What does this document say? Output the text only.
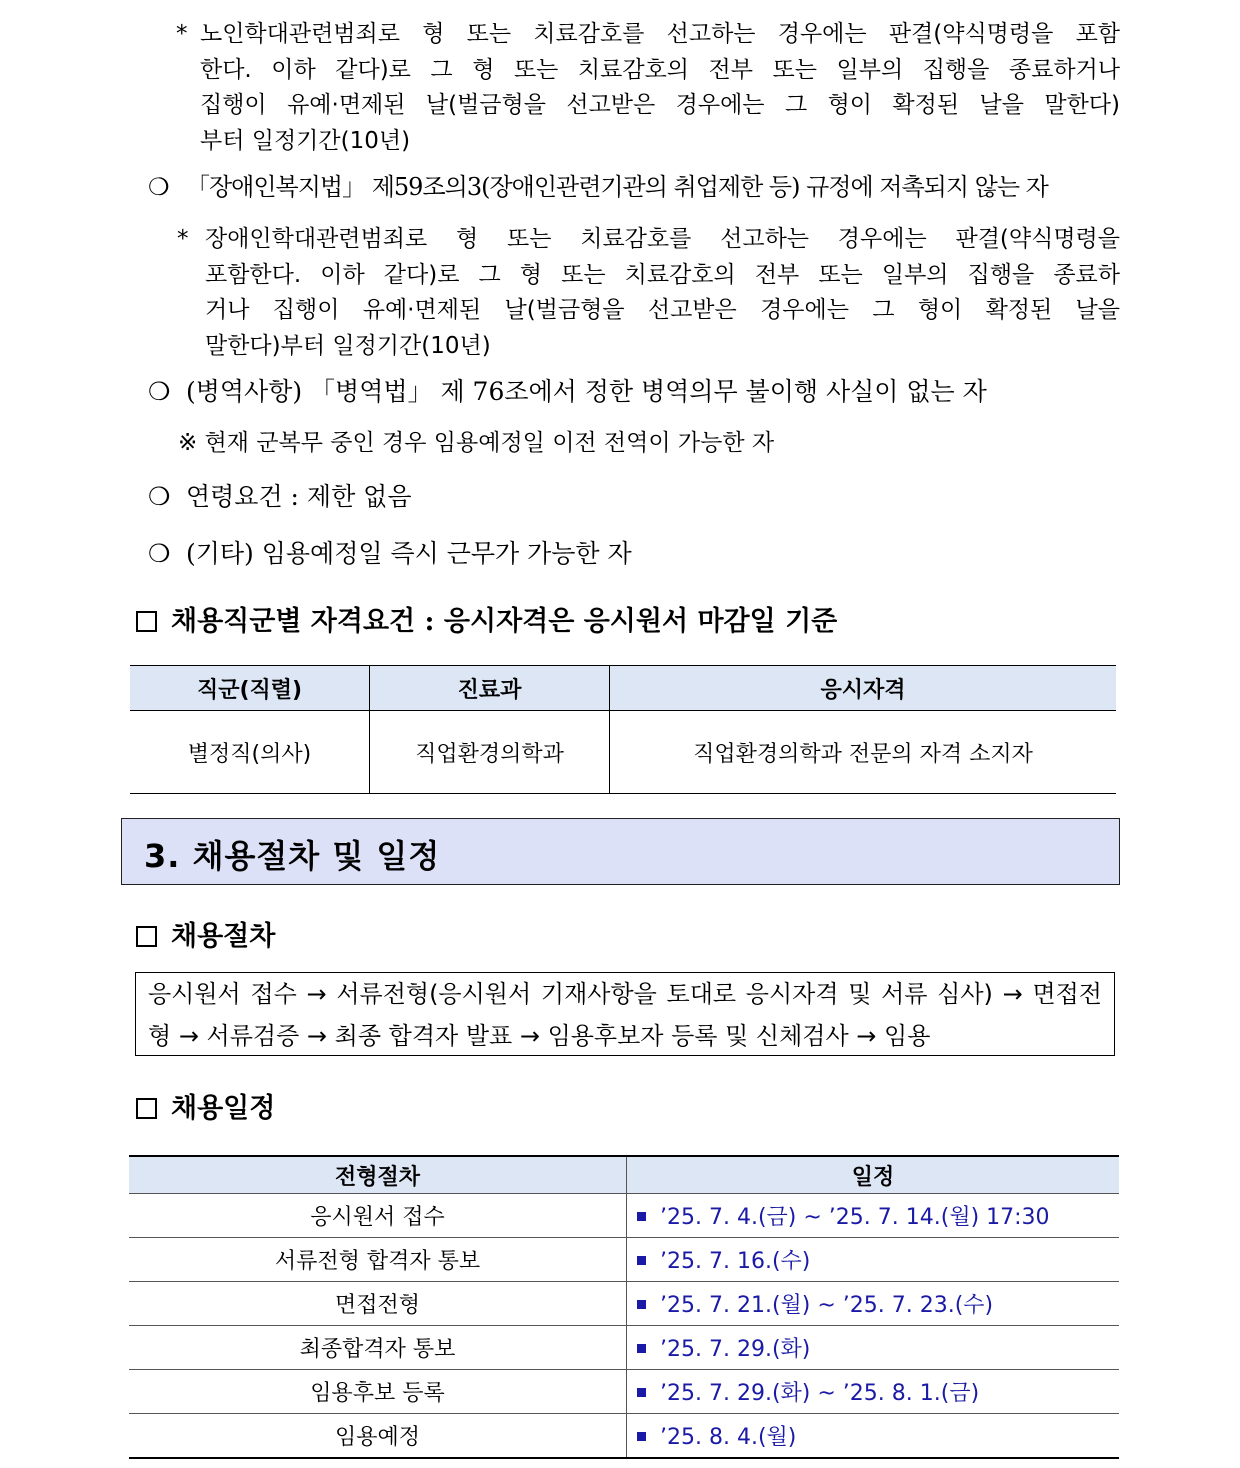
* 노인학대관련범죄로 형 또는 치료감호를 선고하는 경우에는 판결(약식명령을 포함

한다. 이하 같다)로 그 형 또는 치료감호의 전부 또는 일부의 집행을 종료하거나

집행이 유예·면제된 날(벌금형을 선고받은 경우에는 그 형이 확정된 날을 말한다)

부터 일정기간(10년)

❍ 「장애인복지법」 제59조의3(장애인관련기관의 취업제한 등) 규정에 저촉되지 않는 자
* 장애인학대관련범죄로 형 또는 치료감호를 선고하는 경우에는 판결(약식명령을

포함한다. 이하 같다)로 그 형 또는 치료감호의 전부 또는 일부의 집행을 종료하

거나 집행이 유예·면제된 날(벌금형을 선고받은 경우에는 그 형이 확정된 날을

말한다)부터 일정기간(10년)

❍ (병역사항) 「병역법」 제 76조에서 정한 병역의무 불이행 사실이 없는 자
※ 현재 군복무 중인 경우 임용예정일 이전 전역이 가능한 자
❍ 연령요건 : 제한 없음
❍ (기타) 임용예정일 즉시 근무가 가능한 자
채용직군별 자격요건 : 응시자격은 응시원서 마감일 기준
직군(직렬)	진료과	응시자격
별정직(의사)	직업환경의학과	직업환경의학과 전문의 자격 소지자
3. 채용절차 및 일정
채용절차
응시원서 접수 → 서류전형(응시원서 기재사항을 토대로 응시자격 및 서류 심사) → 면접전형 → 서류검증 → 최종 합격자 발표 → 임용후보자 등록 및 신체검사 → 임용
채용일정
전형절차	일정
응시원서 접수	’25. 7. 4.(금) ~ ’25. 7. 14.(월) 17:30
서류전형 합격자 통보	’25. 7. 16.(수)
면접전형	’25. 7. 21.(월) ~ ’25. 7. 23.(수)
최종합격자 통보	’25. 7. 29.(화)
임용후보 등록	’25. 7. 29.(화) ~ ’25. 8. 1.(금)
임용예정	’25. 8. 4.(월)
